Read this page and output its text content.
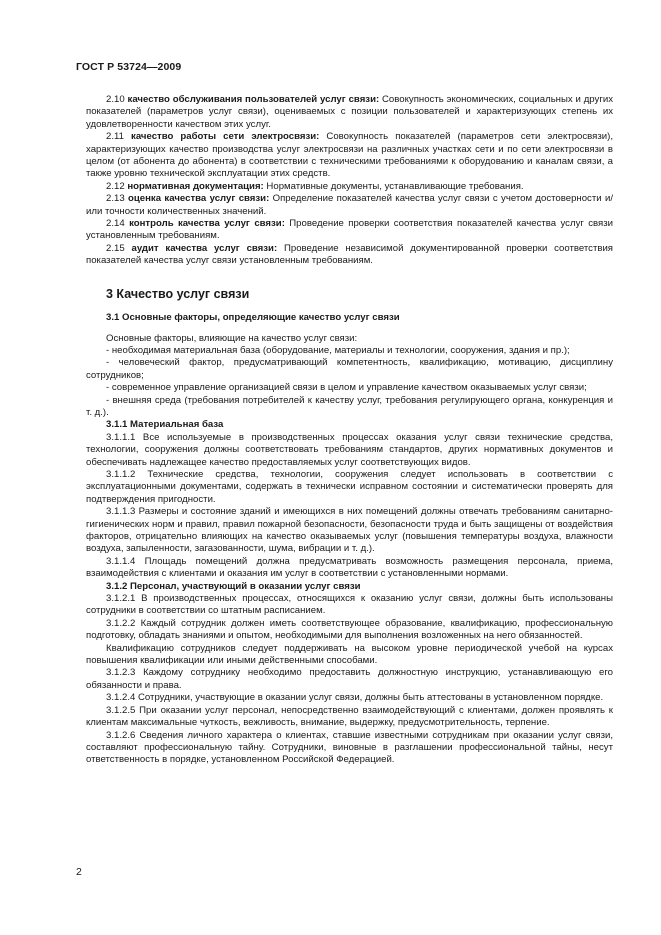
ГОСТ Р 53724—2009

2.10 качество обслуживания пользователей услуг связи: Совокупность экономических, социальных и других показателей (параметров услуг связи), оцениваемых с позиции пользователей и характеризующих степень их удовлетворенности качеством этих услуг.

2.11 качество работы сети электросвязи: Совокупность показателей (параметров сети электросвязи), характеризующих качество производства услуг электросвязи на различных участках сети и по сети электросвязи в целом (от абонента до абонента) в соответствии с техническими требованиями к оборудованию и каналам связи, а также уровню технической эксплуатации этих средств.

2.12 нормативная документация: Нормативные документы, устанавливающие требования.

2.13 оценка качества услуг связи: Определение показателей качества услуг связи с учетом достоверности и/или точности количественных значений.

2.14 контроль качества услуг связи: Проведение проверки соответствия показателей качества услуг связи установленным требованиям.

2.15 аудит качества услуг связи: Проведение независимой документированной проверки соответствия показателей качества услуг связи установленным требованиям.

3 Качество услуг связи
3.1 Основные факторы, определяющие качество услуг связи

Основные факторы, влияющие на качество услуг связи:

- необходимая материальная база (оборудование, материалы и технологии, сооружения, здания и пр.);

- человеческий фактор, предусматривающий компетентность, квалификацию, мотивацию, дисциплину сотрудников;

- современное управление организацией связи в целом и управление качеством оказываемых услуг связи;

- внешняя среда (требования потребителей к качеству услуг, требования регулирующего органа, конкуренция и т. д.).

3.1.1 Материальная база

3.1.1.1 Все используемые в производственных процессах оказания услуг связи технические средства, технологии, сооружения должны соответствовать требованиям стандартов, других нормативных документов и обеспечивать надлежащее качество предоставляемых услуг соответствующих видов.

3.1.1.2 Технические средства, технологии, сооружения следует использовать в соответствии с эксплуатационными документами, содержать в технически исправном состоянии и систематически проверять для подтверждения пригодности.

3.1.1.3 Размеры и состояние зданий и имеющихся в них помещений должны отвечать требованиям санитарно-гигиенических норм и правил, правил пожарной безопасности, безопасности труда и быть защищены от воздействия факторов, отрицательно влияющих на качество оказываемых услуг (повышения температуры воздуха, влажности воздуха, запыленности, загазованности, шума, вибрации и т. д.).

3.1.1.4 Площадь помещений должна предусматривать возможность размещения персонала, приема, взаимодействия с клиентами и оказания им услуг в соответствии с установленными нормами.

3.1.2 Персонал, участвующий в оказании услуг связи

3.1.2.1 В производственных процессах, относящихся к оказанию услуг связи, должны быть использованы сотрудники в соответствии со штатным расписанием.

3.1.2.2 Каждый сотрудник должен иметь соответствующее образование, квалификацию, профессиональную подготовку, обладать знаниями и опытом, необходимыми для выполнения возложенных на него обязанностей.

Квалификацию сотрудников следует поддерживать на высоком уровне периодической учебой на курсах повышения квалификации или иными действенными способами.

3.1.2.3 Каждому сотруднику необходимо предоставить должностную инструкцию, устанавливающую его обязанности и права.

3.1.2.4 Сотрудники, участвующие в оказании услуг связи, должны быть аттестованы в установленном порядке.

3.1.2.5 При оказании услуг персонал, непосредственно взаимодействующий с клиентами, должен проявлять к клиентам максимальные чуткость, вежливость, внимание, выдержку, предусмотрительность, терпение.

3.1.2.6 Сведения личного характера о клиентах, ставшие известными сотрудникам при оказании услуг связи, составляют профессиональную тайну. Сотрудники, виновные в разглашении профессиональной тайны, несут ответственность в порядке, установленном Российской Федерацией.

2
